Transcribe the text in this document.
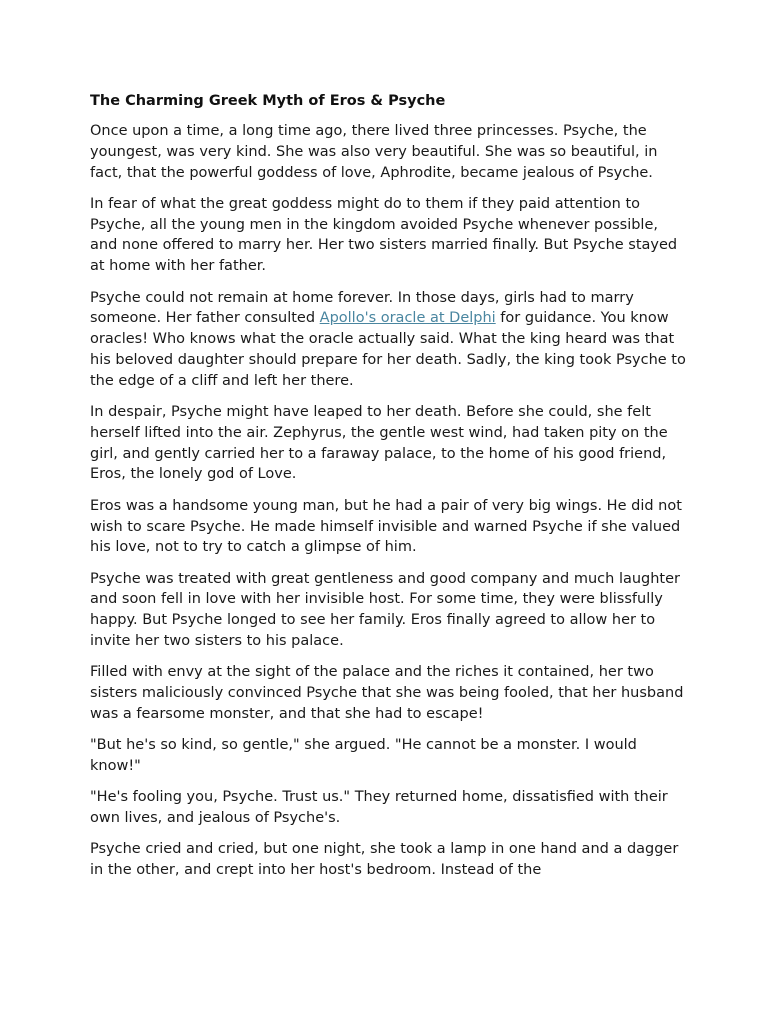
The Charming Greek Myth of Eros & Psyche

Once upon a time, a long time ago, there lived three princesses. Psyche, the youngest, was very kind. She was also very beautiful. She was so beautiful, in fact, that the powerful goddess of love, Aphrodite, became jealous of Psyche.

In fear of what the great goddess might do to them if they paid attention to Psyche, all the young men in the kingdom avoided Psyche whenever possible, and none offered to marry her. Her two sisters married finally. But Psyche stayed at home with her father.

Psyche could not remain at home forever. In those days, girls had to marry someone. Her father consulted Apollo's oracle at Delphi for guidance. You know oracles! Who knows what the oracle actually said. What the king heard was that his beloved daughter should prepare for her death. Sadly, the king took Psyche to the edge of a cliff and left her there.

In despair, Psyche might have leaped to her death. Before she could, she felt herself lifted into the air. Zephyrus, the gentle west wind, had taken pity on the girl, and gently carried her to a faraway palace, to the home of his good friend, Eros, the lonely god of Love.

Eros was a handsome young man, but he had a pair of very big wings. He did not wish to scare Psyche. He made himself invisible and warned Psyche if she valued his love, not to try to catch a glimpse of him.

Psyche was treated with great gentleness and good company and much laughter and soon fell in love with her invisible host. For some time, they were blissfully happy. But Psyche longed to see her family. Eros finally agreed to allow her to invite her two sisters to his palace.

Filled with envy at the sight of the palace and the riches it contained, her two sisters maliciously convinced Psyche that she was being fooled, that her husband was a fearsome monster, and that she had to escape!

"But he's so kind, so gentle," she argued. "He cannot be a monster. I would know!"

"He's fooling you, Psyche. Trust us." They returned home, dissatisfied with their own lives, and jealous of Psyche's.

Psyche cried and cried, but one night, she took a lamp in one hand and a dagger in the other, and crept into her host's bedroom. Instead of the
